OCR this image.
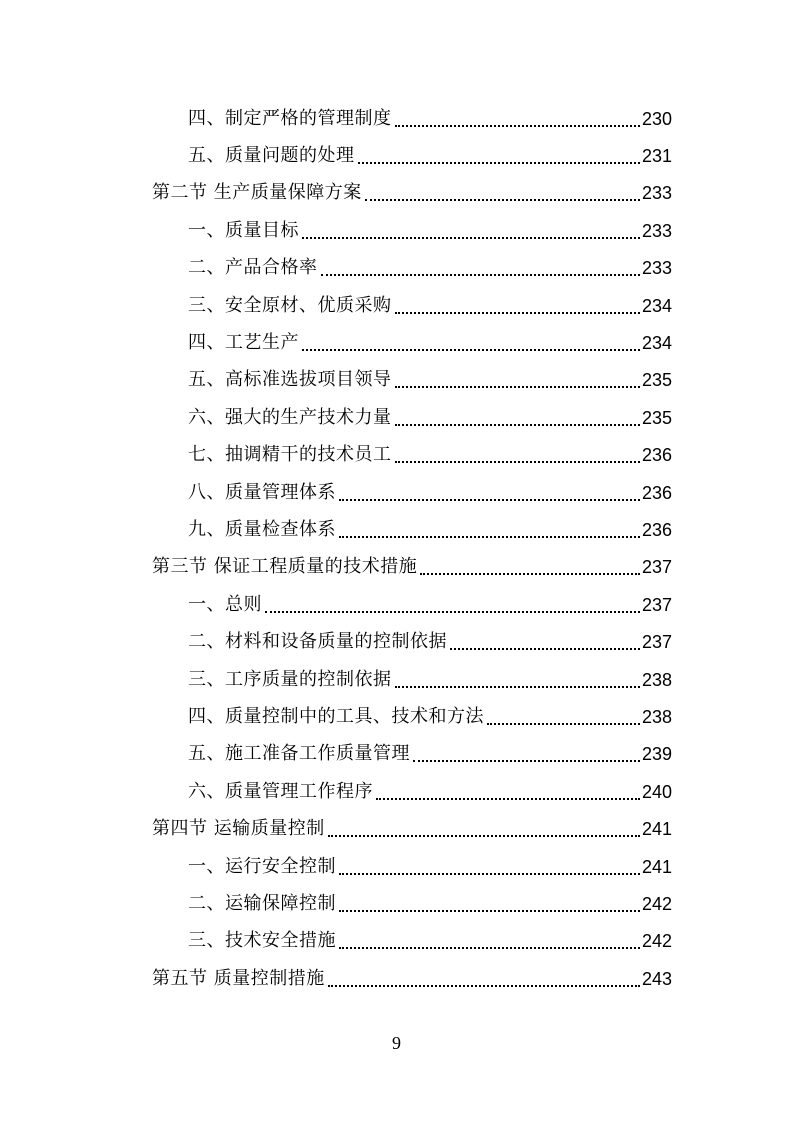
四、制定严格的管理制度	230
五、质量问题的处理	231
第二节 生产质量保障方案	233
一、质量目标	233
二、产品合格率	233
三、安全原材、优质采购	234
四、工艺生产	234
五、高标准选拔项目领导	235
六、强大的生产技术力量	235
七、抽调精干的技术员工	236
八、质量管理体系	236
九、质量检查体系	236
第三节 保证工程质量的技术措施	237
一、总则	237
二、材料和设备质量的控制依据	237
三、工序质量的控制依据	238
四、质量控制中的工具、技术和方法	238
五、施工准备工作质量管理	239
六、质量管理工作程序	240
第四节 运输质量控制	241
一、运行安全控制	241
二、运输保障控制	242
三、技术安全措施	242
第五节 质量控制措施	243
9
